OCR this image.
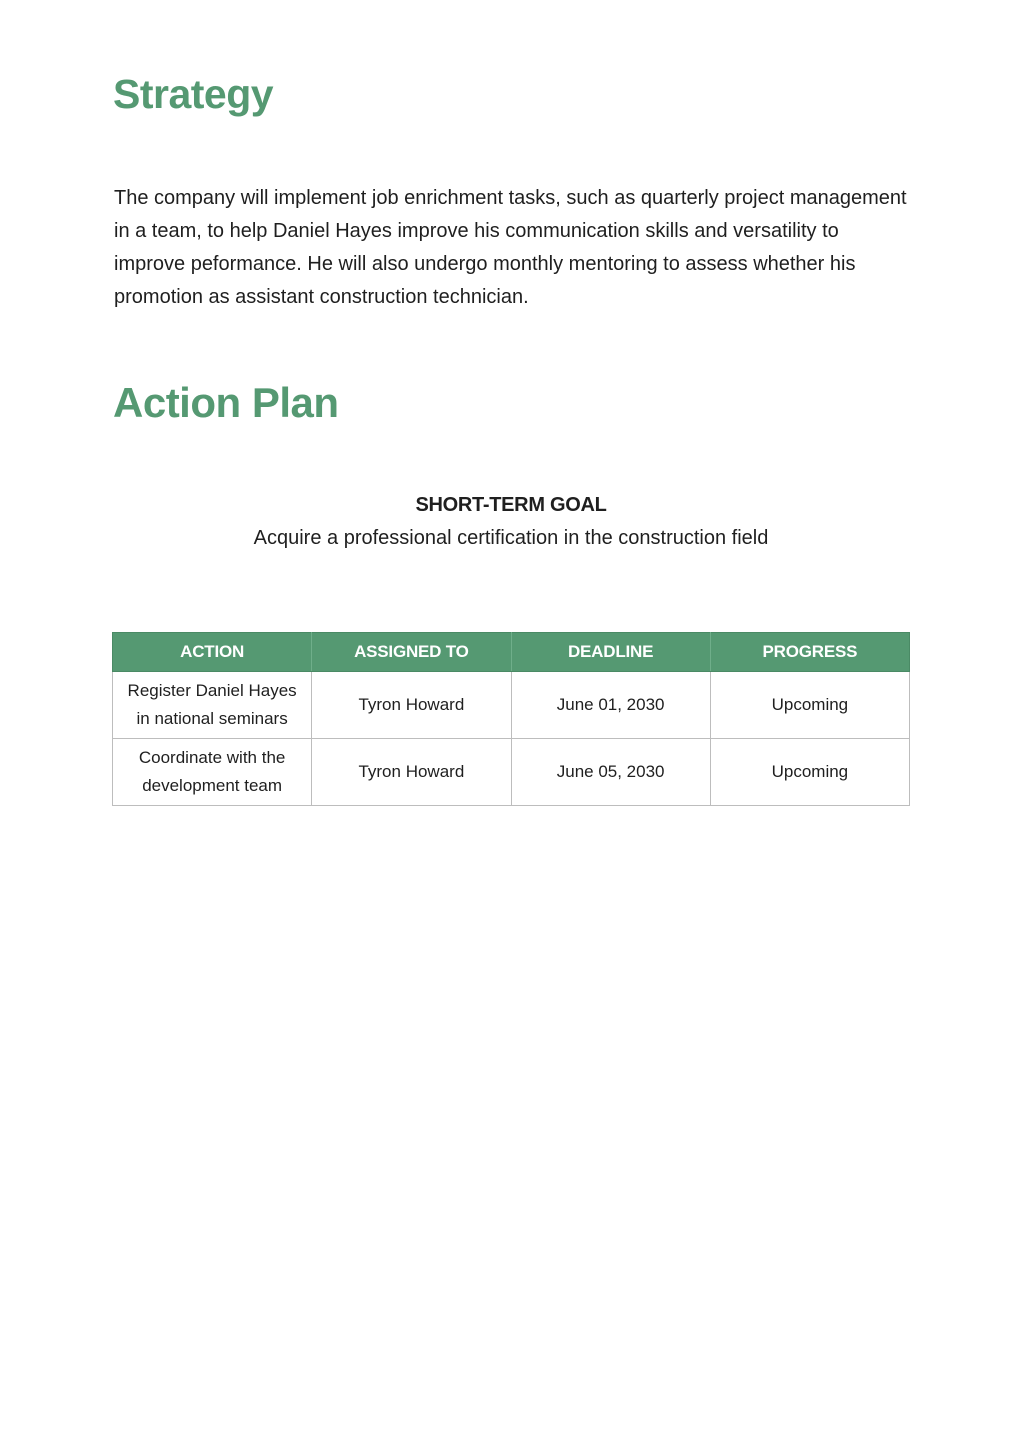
Strategy

The company will implement job enrichment tasks, such as quarterly project management in a team, to help Daniel Hayes improve his communication skills and versatility to improve peformance. He will also undergo monthly mentoring to assess whether his promotion as assistant construction technician.

Action Plan
SHORT-TERM GOAL
Acquire a professional certification in the construction field
ACTION	ASSIGNED TO	DEADLINE	PROGRESS
Register Daniel Hayes in national seminars	Tyron Howard	June 01, 2030	Upcoming
Coordinate with the development team	Tyron Howard	June 05, 2030	Upcoming
